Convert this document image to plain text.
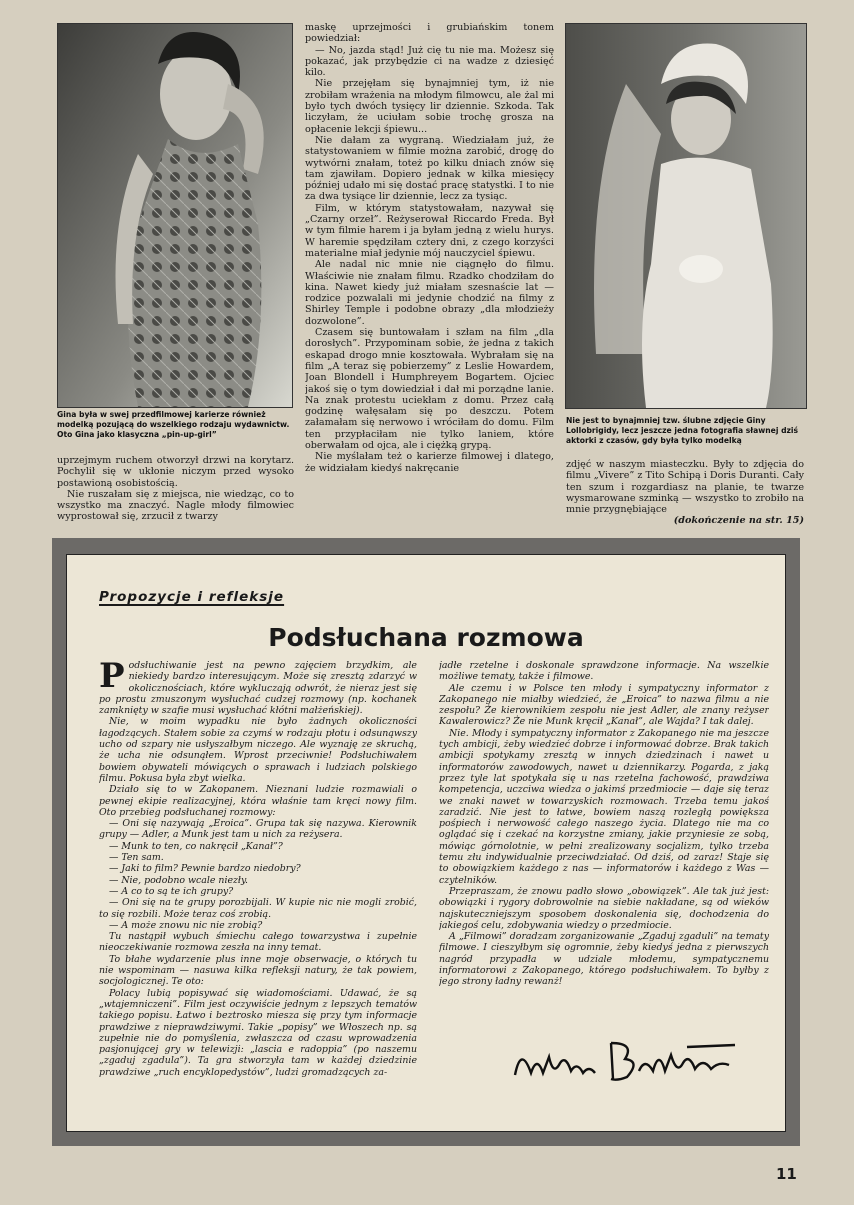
Gina była w swej przedfilmowej karierze również modelką pozującą do wszelkiego rodzaju wydawnictw. Oto Gina jako klasyczna „pin-up-girl”

Nie jest to bynajmniej tzw. ślubne zdjęcie Giny Lollobrigidy, lecz jeszcze jedna fotografia sławnej dziś aktorki z czasów, gdy była tylko modelką

maskę uprzejmości i grubiańskim tonem powiedział:

— No, jazda stąd! Już cię tu nie ma. Możesz się pokazać, jak przybędzie ci na wadze z dziesięć kilo.

Nie przejęłam się bynajmniej tym, iż nie zrobiłam wrażenia na młodym filmowcu, ale żal mi było tych dwóch tysięcy lir dziennie. Szkoda. Tak liczyłam, że uciułam sobie trochę grosza na opłacenie lekcji śpiewu...

Nie dałam za wygraną. Wiedziałam już, że statystowaniem w filmie można zarobić, drogę do wytwórni znałam, toteż po kilku dniach znów się tam zjawiłam. Dopiero jednak w kilka miesięcy później udało mi się dostać pracę statystki. I to nie za dwa tysiące lir dziennie, lecz za tysiąc.

Film, w którym statystowałam, nazywał się „Czarny orzeł”. Reżyserował Riccardo Freda. Był w tym filmie harem i ja byłam jedną z wielu hurys. W haremie spędziłam cztery dni, z czego korzyści materialne miał jedynie mój nauczyciel śpiewu.

Ale nadal nic mnie nie ciągnęło do filmu. Właściwie nie znałam filmu. Rzadko chodziłam do kina. Nawet kiedy już miałam szesnaście lat — rodzice pozwalali mi jedynie chodzić na filmy z Shirley Temple i podobne obrazy „dla młodzieży dozwolone”.

Czasem się buntowałam i szłam na film „dla dorosłych”. Przypominam sobie, że jedna z takich eskapad drogo mnie kosztowała. Wybrałam się na film „A teraz się pobierzemy” z Leslie Howardem, Joan Blondell i Humphreyem Bogartem. Ojciec jakoś się o tym dowiedział i dał mi porządne lanie. Na znak protestu uciekłam z domu. Przez całą godzinę wałęsałam się po deszczu. Potem załamałam się nerwowo i wróciłam do domu. Film ten przypłaciłam nie tylko laniem, które oberwałam od ojca, ale i ciężką grypą.

Nie myślałam też o karierze filmowej i dlatego, że widziałam kiedyś nakręcanie

uprzejmym ruchem otworzył drzwi na korytarz. Pochylił się w ukłonie niczym przed wysoko postawioną osobistością.

Nie ruszałam się z miejsca, nie wiedząc, co to wszystko ma znaczyć. Nagle młody filmowiec wyprostował się, zrzucił z twarzy

zdjęć w naszym miasteczku. Były to zdjęcia do filmu „Vivere” z Tito Schipą i Doris Duranti. Cały ten szum i rozgardiasz na planie, te twarze wysmarowane szminką — wszystko to zrobiło na mnie przygnębiające

(dokończenie na str. 15)

Propozycje i refleksje
Podsłuchana rozmowa

Podsłuchiwanie jest na pewno zajęciem brzydkim, ale niekiedy bardzo interesującym. Może się zresztą zdarzyć w okolicznościach, które wykluczają odwrót, że nieraz jest się po prostu zmuszonym wysłuchać cudzej rozmowy (np. kochanek zamknięty w szafie musi wysłuchać kłótni małżeńskiej).

Nie, w moim wypadku nie było żadnych okoliczności łagodzących. Stałem sobie za czymś w rodzaju płotu i odsunąwszy ucho od szpary nie usłyszałbym niczego. Ale wyznaję ze skruchą, że ucha nie odsunąłem. Wprost przeciwnie! Podsłuchiwałem bowiem obywateli mówiących o sprawach i ludziach polskiego filmu. Pokusa była zbyt wielka.

Działo się to w Zakopanem. Nieznani ludzie rozmawiali o pewnej ekipie realizacyjnej, która właśnie tam kręci nowy film. Oto przebieg podsłuchanej rozmowy:

— Oni się nazywają „Eroica”. Grupa tak się nazywa. Kierownik grupy — Adler, a Munk jest tam u nich za reżysera.

— Munk to ten, co nakręcił „Kanał”?

— Ten sam.

— Jaki to film? Pewnie bardzo niedobry?

— Nie, podobno wcale niezły.

— A co to są te ich grupy?

— Oni się na te grupy porozbijali. W kupie nic nie mogli zrobić, to się rozbili. Może teraz coś zrobią.

— A może znowu nic nie zrobią?

Tu nastąpił wybuch śmiechu całego towarzystwa i zupełnie nieoczekiwanie rozmowa zeszła na inny temat.

To błahe wydarzenie plus inne moje obserwacje, o których tu nie wspominam — nasuwa kilka refleksji natury, że tak powiem, socjologicznej. Te oto:

Polacy lubią popisywać się wiadomościami. Udawać, że są „wtajemniczeni”. Film jest oczywiście jednym z lepszych tematów takiego popisu. Łatwo i beztrosko miesza się przy tym informacje prawdziwe z nieprawdziwymi. Takie „popisy” we Włoszech np. są zupełnie nie do pomyślenia, zwłaszcza od czasu wprowadzenia pasjonującej gry w telewizji: „lascia e radoppia” (po naszemu „zgaduj zgadula”). Ta gra stworzyła tam w każdej dziedzinie prawdziwe „ruch encyklopedystów”, ludzi gromadzących za-

jadłe rzetelne i doskonale sprawdzone informacje. Na wszelkie możliwe tematy, także i filmowe.

Ale czemu i w Polsce ten młody i sympatyczny informator z Zakopanego nie miałby wiedzieć, że „Eroica” to nazwa filmu a nie zespołu? Że kierownikiem zespołu nie jest Adler, ale znany reżyser Kawalerowicz? Że nie Munk kręcił „Kanał”, ale Wajda? I tak dalej.

Nie. Młody i sympatyczny informator z Zakopanego nie ma jeszcze tych ambicji, żeby wiedzieć dobrze i informować dobrze. Brak takich ambicji spotykamy zresztą w innych dziedzinach i nawet u informatorów zawodowych, nawet u dziennikarzy. Pogarda, z jaką przez tyle lat spotykała się u nas rzetelna fachowość, prawdziwa kompetencja, uczciwa wiedza o jakimś przedmiocie — daje się teraz we znaki nawet w towarzyskich rozmowach. Trzeba temu jakoś zaradzić. Nie jest to łatwe, bowiem naszą rozległą powiększa pośpiech i nerwowość całego naszego życia. Dlatego nie ma co oglądać się i czekać na korzystne zmiany, jakie przyniesie ze sobą, mówiąc górnolotnie, w pełni zrealizowany socjalizm, tylko trzeba temu złu indywidualnie przeciwdziałać. Od dziś, od zaraz! Staje się to obowiązkiem każdego z nas — informatorów i każdego z Was — czytelników.

Przepraszam, że znowu padło słowo „obowiązek”. Ale tak już jest: obowiązki i rygory dobrowolnie na siebie nakładane, są od wieków najskuteczniejszym sposobem doskonalenia się, dochodzenia do jakiegoś celu, zdobywania wiedzy o przedmiocie.

A „Filmowi” doradzam zorganizowanie „Zgaduj zgaduli” na tematy filmowe. I cieszyłbym się ogromnie, żeby kiedyś jedna z pierwszych nagród przypadła w udziale młodemu, sympatycznemu informatorowi z Zakopanego, którego podsłuchiwałem. To byłby z jego strony ładny rewanż!

11
